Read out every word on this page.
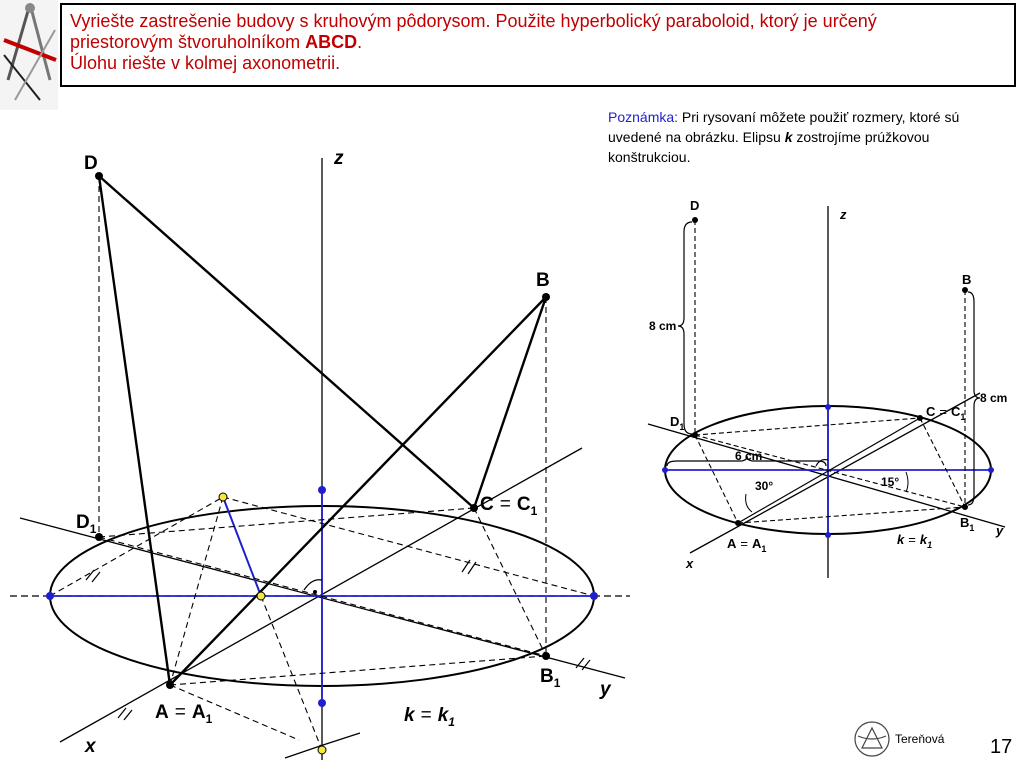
Vyriešte zastrešenie budovy s kruhovým pôdorysom. Použite hyperbolický paraboloid, ktorý je určený
priestorovým štvoruholníkom ABCD.
Úlohu riešte v kolmej axonometrii.
Poznámka: Pri rysovaní môžete použiť rozmery, ktoré sú uvedené na obrázku. Elipsu k zostrojíme prúžkovou konštrukciou.
D
B
z
$C = C_1$
$D_1$
$B_1$
$A = A_1$	$k = k_1$
x
y
D
z
B
8 cm
8 cm
$C = C_1$
$D_1$
6 cm
30°	15°
$B_1$ y
$A = A_1$
$k = k_1$
x
Tereňová 17
